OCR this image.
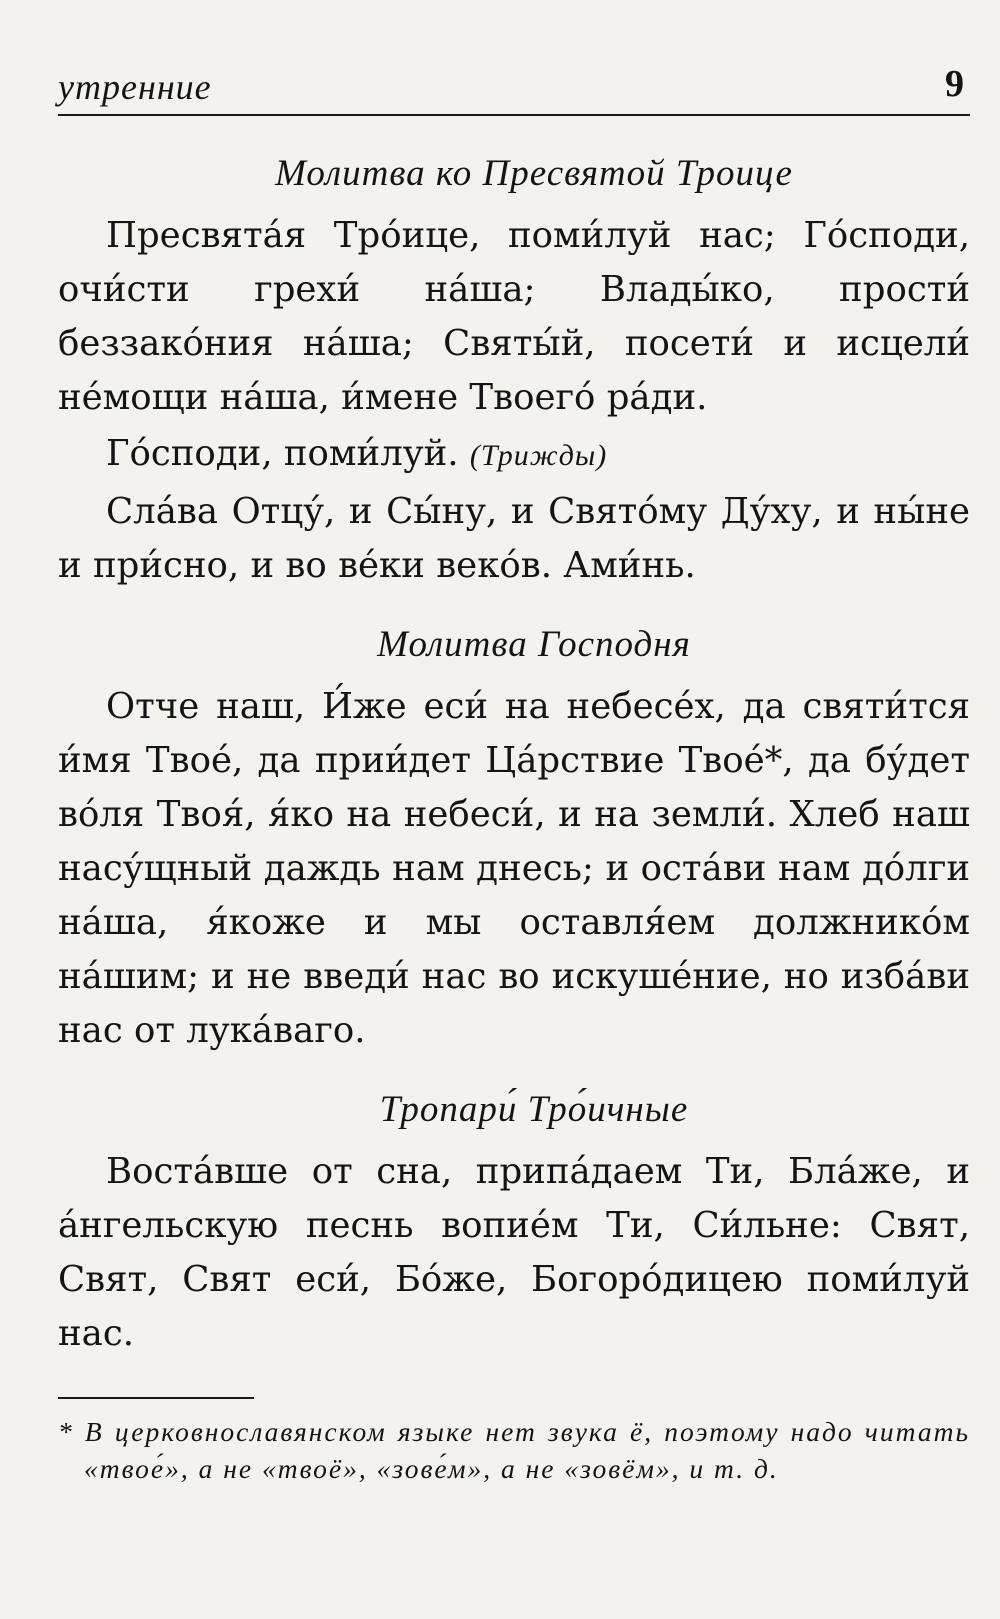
утренние	9
Молитва ко Пресвятой Троице

Пресвята́я Тро́ице, поми́луй нас; Го́споди, очи́сти грехи́ на́ша; Влады́ко, прости́ беззако́ния на́ша; Святы́й, посети́ и исцели́ не́мощи на́ша, и́мене Твоего́ ра́ди.

Го́споди, поми́луй. (Трижды)

Сла́ва Отцу́, и Сы́ну, и Свято́му Ду́ху, и ны́не и при́сно, и во ве́ки веко́в. Ами́нь.

Молитва Господня

Отче наш, И́же еси́ на небесе́х, да святи́тся и́мя Твое́, да прии́дет Ца́рствие Твое́*, да бу́дет во́ля Твоя́, я́ко на небеси́, и на земли́. Хлеб наш насу́щный даждь нам днесь; и оста́ви нам до́лги на́ша, я́коже и мы оставля́ем должнико́м на́шим; и не введи́ нас во искуше́ние, но изба́ви нас от лука́ваго.

Тропари́ Тро́ичные

Воста́вше от сна, припа́даем Ти, Бла́же, и а́нгельскую песнь вопие́м Ти, Си́льне: Свят, Свят, Свят еси́, Бо́же, Богоро́дицею поми́луй нас.

* В церковнославянском языке нет звука ё, поэтому надо читать «твое́», а не «твоё», «зове́м», а не «зовём», и т. д.
